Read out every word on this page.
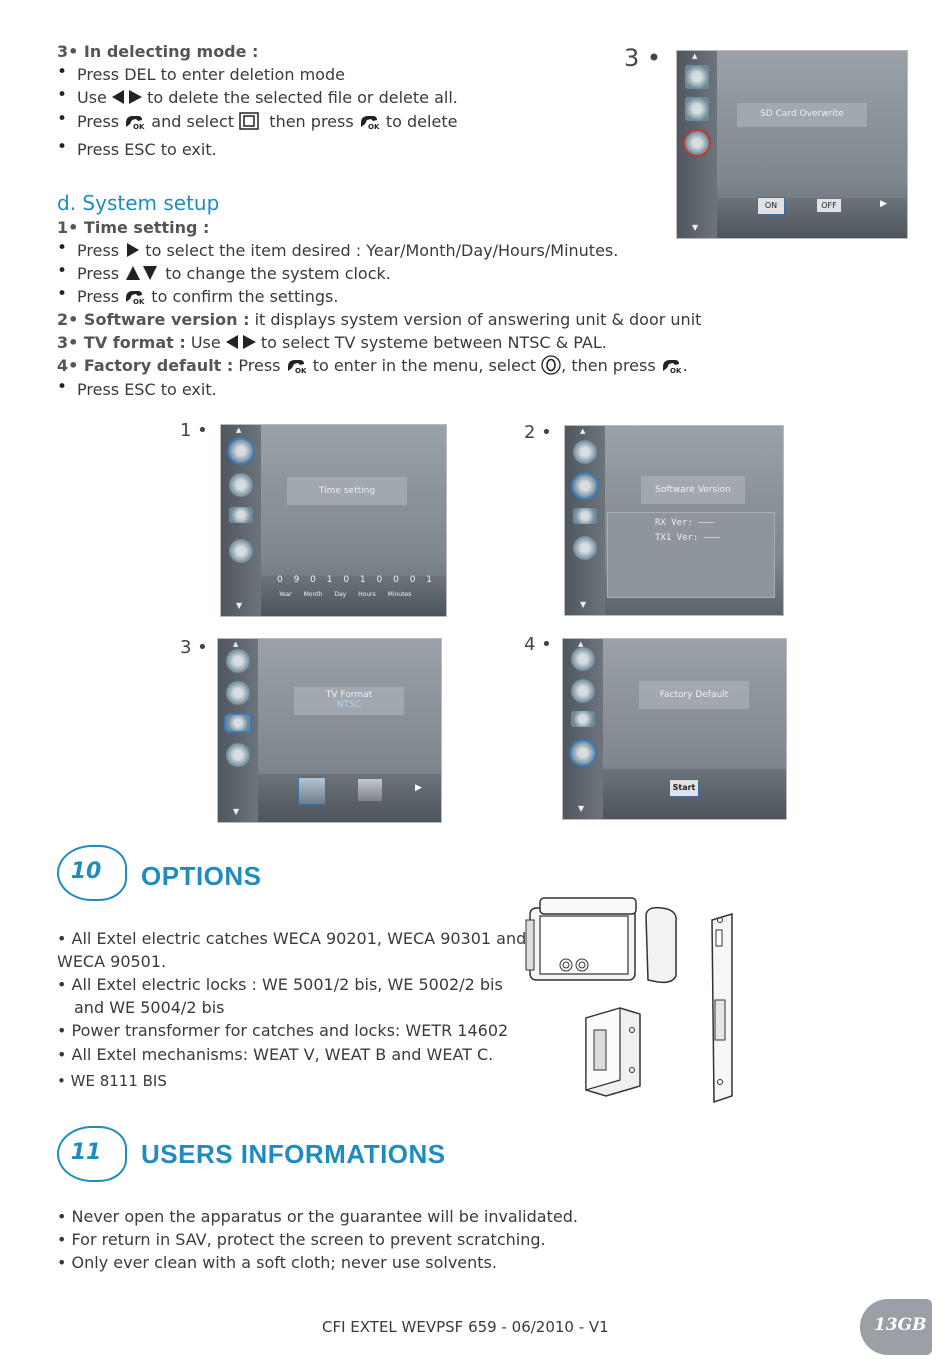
3• In delecting mode :
• Press DEL to enter deletion mode
• Use	to delete the selected file or delete all.
• Press OK and select then press OK to delete
• Press ESC to exit.
3 •	▲
▼
SD Card Overwrite
ON	OFF	▶
d. System setup
1• Time setting :
• Press to select the item desired : Year/Month/Day/Hours/Minutes.
• Press	to change the system clock.
• Press OK to confirm the settings.
2• Software version : it displays system version of answering unit & door unit
3• TV format : Use	to select TV systeme between NTSC & PAL.
4• Factory default : Press OK to enter in the menu, select , then press OK .
• Press ESC to exit.
1 •	▲
▼
Time setting
0 9 0 1 0 1 0 0 0 1
Year Month Day Hours Minutes
2 •	▲
▼
Software Version
RX Ver: ———
TX1 Ver: ———
3 •	▲
▼
TV Format
NTSC
▶
4 •	▲
▼
Factory Default
Start
10	OPTIONS
• All Extel electric catches WECA 90201, WECA 90301 and
WECA 90501.
• All Extel electric locks : WE 5001/2 bis, WE 5002/2 bis
and WE 5004/2 bis
• Power transformer for catches and locks: WETR 14602
• All Extel mechanisms: WEAT V, WEAT B and WEAT C.
• WE 8111 BIS
11	USERS INFORMATIONS
• Never open the apparatus or the guarantee will be invalidated.
• For return in SAV, protect the screen to prevent scratching.
• Only ever clean with a soft cloth; never use solvents.
CFI EXTEL WEVPSF 659 - 06/2010 - V1	13GB
